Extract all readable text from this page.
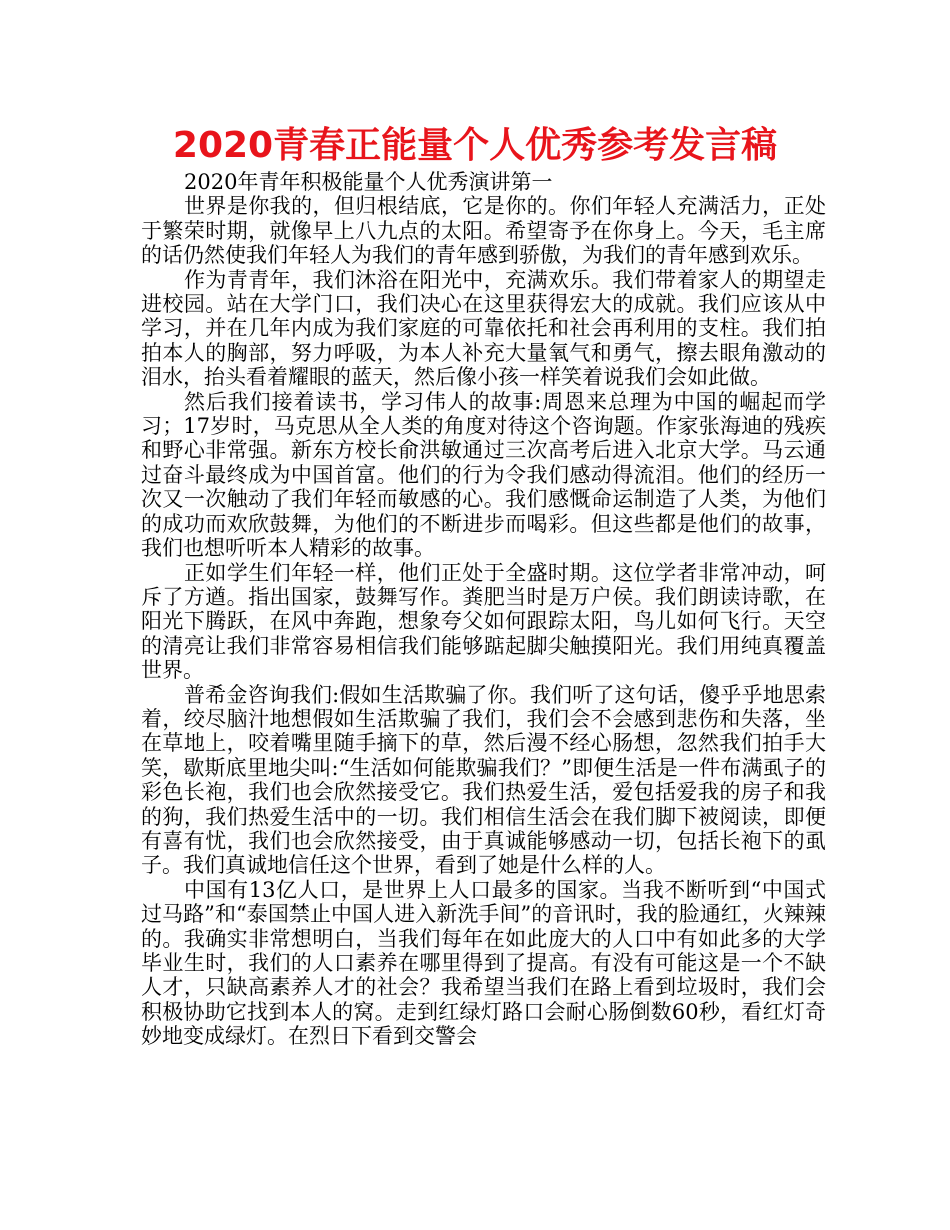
2020青春正能量个人优秀参考发言稿

2020年青年积极能量个人优秀演讲第一

世界是你我的，但归根结底，它是你的。你们年轻人充满活力，正处于繁荣时期，就像早上八九点的太阳。希望寄予在你身上。今天，毛主席的话仍然使我们年轻人为我们的青年感到骄傲，为我们的青年感到欢乐。

作为青青年，我们沐浴在阳光中，充满欢乐。我们带着家人的期望走进校园。站在大学门口，我们决心在这里获得宏大的成就。我们应该从中学习，并在几年内成为我们家庭的可靠依托和社会再利用的支柱。我们拍拍本人的胸部，努力呼吸，为本人补充大量氧气和勇气，擦去眼角激动的泪水，抬头看着耀眼的蓝天，然后像小孩一样笑着说我们会如此做。

然后我们接着读书，学习伟人的故事:周恩来总理为中国的崛起而学习；17岁时，马克思从全人类的角度对待这个咨询题。作家张海迪的残疾和野心非常强。新东方校长俞洪敏通过三次高考后进入北京大学。马云通过奋斗最终成为中国首富。他们的行为令我们感动得流泪。他们的经历一次又一次触动了我们年轻而敏感的心。我们感慨命运制造了人类，为他们的成功而欢欣鼓舞，为他们的不断进步而喝彩。但这些都是他们的故事，我们也想听听本人精彩的故事。

正如学生们年轻一样，他们正处于全盛时期。这位学者非常冲动，呵斥了方遒。指出国家，鼓舞写作。粪肥当时是万户侯。我们朗读诗歌，在阳光下腾跃，在风中奔跑，想象夸父如何跟踪太阳，鸟儿如何飞行。天空的清亮让我们非常容易相信我们能够踮起脚尖触摸阳光。我们用纯真覆盖世界。

普希金咨询我们:假如生活欺骗了你。我们听了这句话，傻乎乎地思索着，绞尽脑汁地想假如生活欺骗了我们，我们会不会感到悲伤和失落，坐在草地上，咬着嘴里随手摘下的草，然后漫不经心肠想，忽然我们拍手大笑，歇斯底里地尖叫:“生活如何能欺骗我们？”即便生活是一件布满虱子的彩色长袍，我们也会欣然接受它。我们热爱生活，爱包括爱我的房子和我的狗，我们热爱生活中的一切。我们相信生活会在我们脚下被阅读，即便有喜有忧，我们也会欣然接受，由于真诚能够感动一切，包括长袍下的虱子。我们真诚地信任这个世界，看到了她是什么样的人。

中国有13亿人口，是世界上人口最多的国家。当我不断听到“中国式过马路”和“泰国禁止中国人进入新洗手间”的音讯时，我的脸通红，火辣辣的。我确实非常想明白，当我们每年在如此庞大的人口中有如此多的大学毕业生时，我们的人口素养在哪里得到了提高。有没有可能这是一个不缺人才，只缺高素养人才的社会？我希望当我们在路上看到垃圾时，我们会积极协助它找到本人的窝。走到红绿灯路口会耐心肠倒数60秒，看红灯奇妙地变成绿灯。在烈日下看到交警会
